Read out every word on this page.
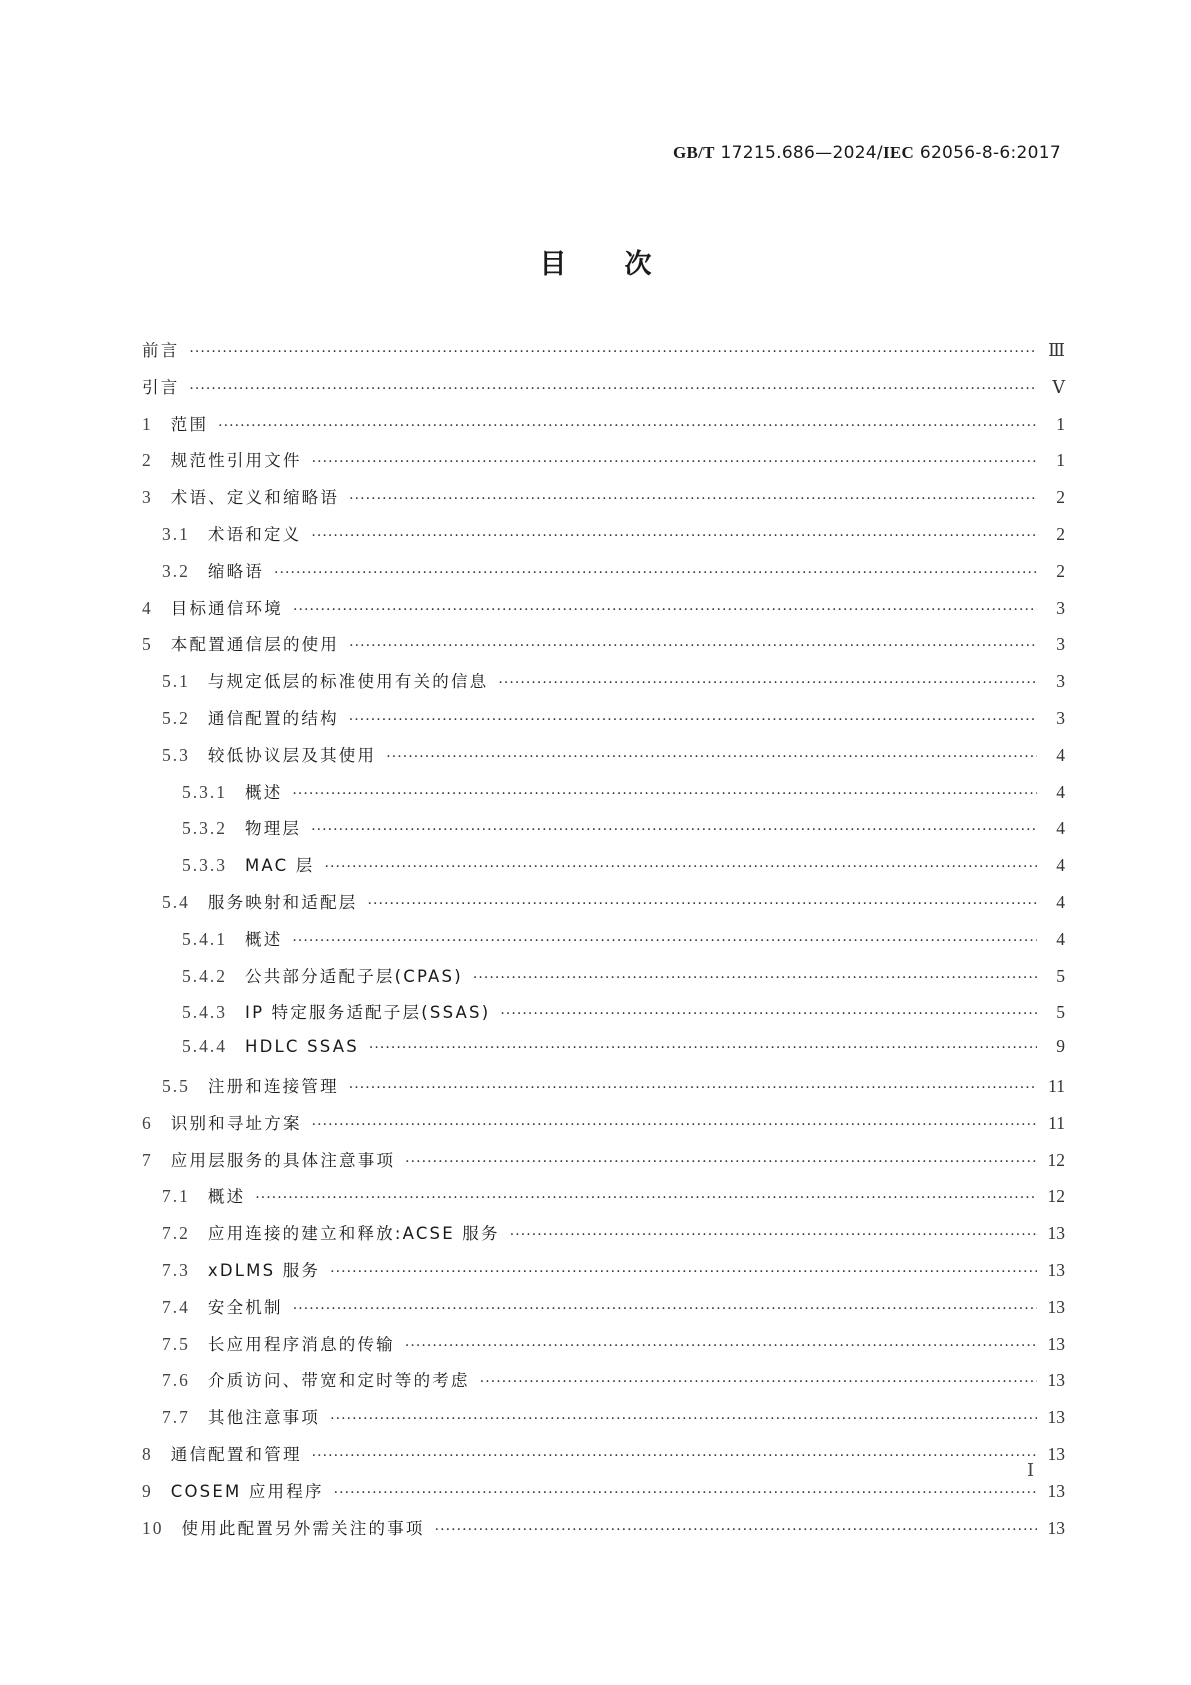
GB/T 17215.686—2024/IEC 62056-8-6:2017
目次
前言 ·····	Ⅲ
引言 ·····	Ⅴ
1 范围 ·····	1
2 规范性引用文件 ·····	1
3 术语、定义和缩略语 ·····	2
3.1 术语和定义 ·····	2
3.2 缩略语 ·····	2
4 目标通信环境 ·····	3
5 本配置通信层的使用 ·····	3
5.1 与规定低层的标准使用有关的信息 ·····	3
5.2 通信配置的结构 ·····	3
5.3 较低协议层及其使用 ·····	4
5.3.1 概述 ·····	4
5.3.2 物理层 ·····	4
5.3.3 MAC 层 ·····	4
5.4 服务映射和适配层 ·····	4
5.4.1 概述 ·····	4
5.4.2 公共部分适配子层(CPAS) ·····	5
5.4.3 IP 特定服务适配子层(SSAS) ·····	5
5.4.4 HDLC SSAS ·····	9
5.5 注册和连接管理 ·····	11
6 识别和寻址方案 ·····	11
7 应用层服务的具体注意事项 ·····	12
7.1 概述 ·····	12
7.2 应用连接的建立和释放:ACSE 服务 ·····	13
7.3 xDLMS 服务 ·····	13
7.4 安全机制 ·····	13
7.5 长应用程序消息的传输 ·····	13
7.6 介质访问、带宽和定时等的考虑 ·····	13
7.7 其他注意事项 ·····	13
8 通信配置和管理 ·····	13
9 COSEM 应用程序 ·····	13
10 使用此配置另外需关注的事项 ·····	13
Ⅰ
